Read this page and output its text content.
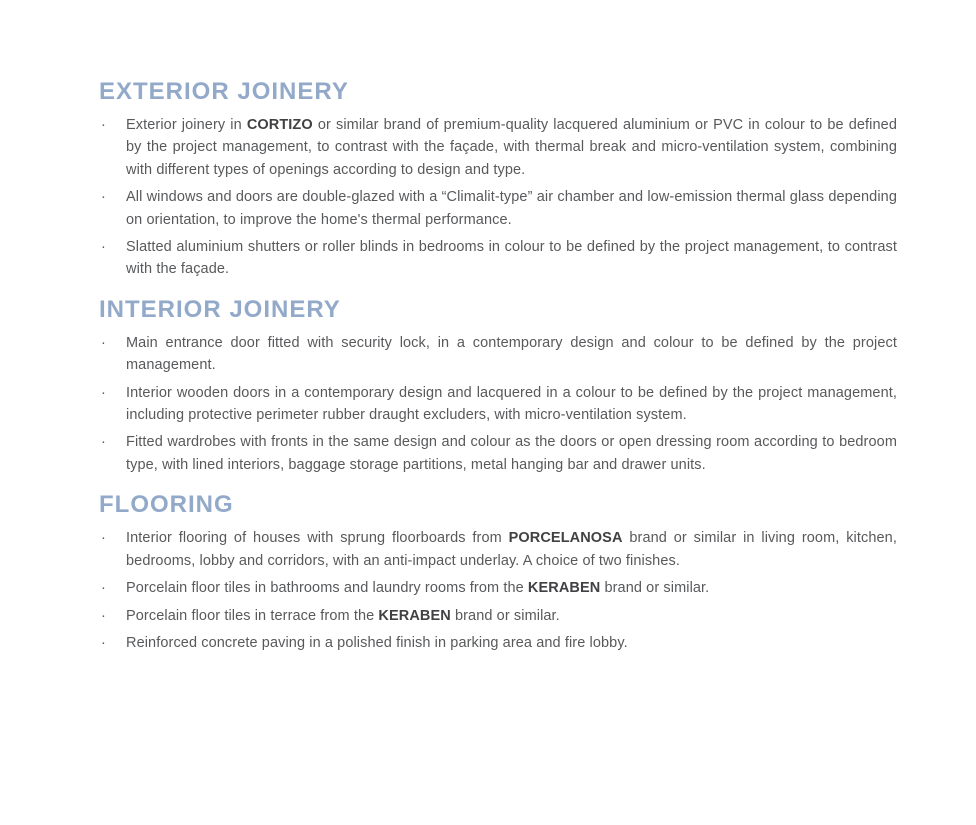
EXTERIOR JOINERY
· Exterior joinery in CORTIZO or similar brand of premium-quality lacquered aluminium or PVC in colour to be defined by the project management, to contrast with the façade, with thermal break and micro-ventilation system, combining with different types of openings according to design and type.
· All windows and doors are double-glazed with a “Climalit-type” air chamber and low-emission thermal glass depending on orientation, to improve the home's thermal performance.
· Slatted aluminium shutters or roller blinds in bedrooms in colour to be defined by the project management, to contrast with the façade.
INTERIOR JOINERY
· Main entrance door fitted with security lock, in a contemporary design and colour to be defined by the project management.
· Interior wooden doors in a contemporary design and lacquered in a colour to be defined by the project management, including protective perimeter rubber draught excluders, with micro-ventilation system.
· Fitted wardrobes with fronts in the same design and colour as the doors or open dressing room according to bedroom type, with lined interiors, baggage storage partitions, metal hanging bar and drawer units.
FLOORING
· Interior flooring of houses with sprung floorboards from PORCELANOSA brand or similar in living room, kitchen, bedrooms, lobby and corridors, with an anti-impact underlay. A choice of two finishes.
· Porcelain floor tiles in bathrooms and laundry rooms from the KERABEN brand or similar.
· Porcelain floor tiles in terrace from the KERABEN brand or similar.
· Reinforced concrete paving in a polished finish in parking area and fire lobby.
